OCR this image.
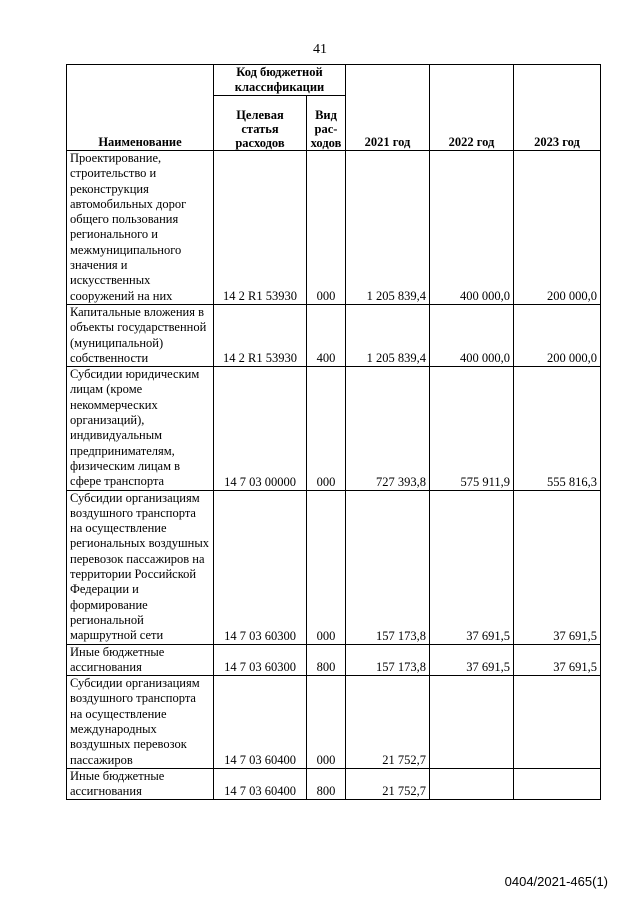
41
Наименование	Код бюджетной классификации		2021 год	2022 год	2023 год
	Целевая статья расходов	Вид рас- ходов			
Проектирование, строительство и реконструкция автомобильных дорог общего пользования регионального и межмуниципального значения и искусственных сооружений на них	14 2 R1 53930	000	1 205 839,4	400 000,0	200 000,0
Капитальные вложения в объекты государственной (муниципальной) собственности	14 2 R1 53930	400	1 205 839,4	400 000,0	200 000,0
Субсидии юридическим лицам (кроме некоммерческих организаций), индивидуальным предпринимателям, физическим лицам в сфере транспорта	14 7 03 00000	000	727 393,8	575 911,9	555 816,3
Субсидии организациям воздушного транспорта на осуществление региональных воздушных перевозок пассажиров на территории Российской Федерации и формирование региональной маршрутной сети	14 7 03 60300	000	157 173,8	37 691,5	37 691,5
Иные бюджетные ассигнования	14 7 03 60300	800	157 173,8	37 691,5	37 691,5
Субсидии организациям воздушного транспорта на осуществление международных воздушных перевозок пассажиров	14 7 03 60400	000	21 752,7		
Иные бюджетные ассигнования	14 7 03 60400	800	21 752,7		
0404/2021-465(1)
